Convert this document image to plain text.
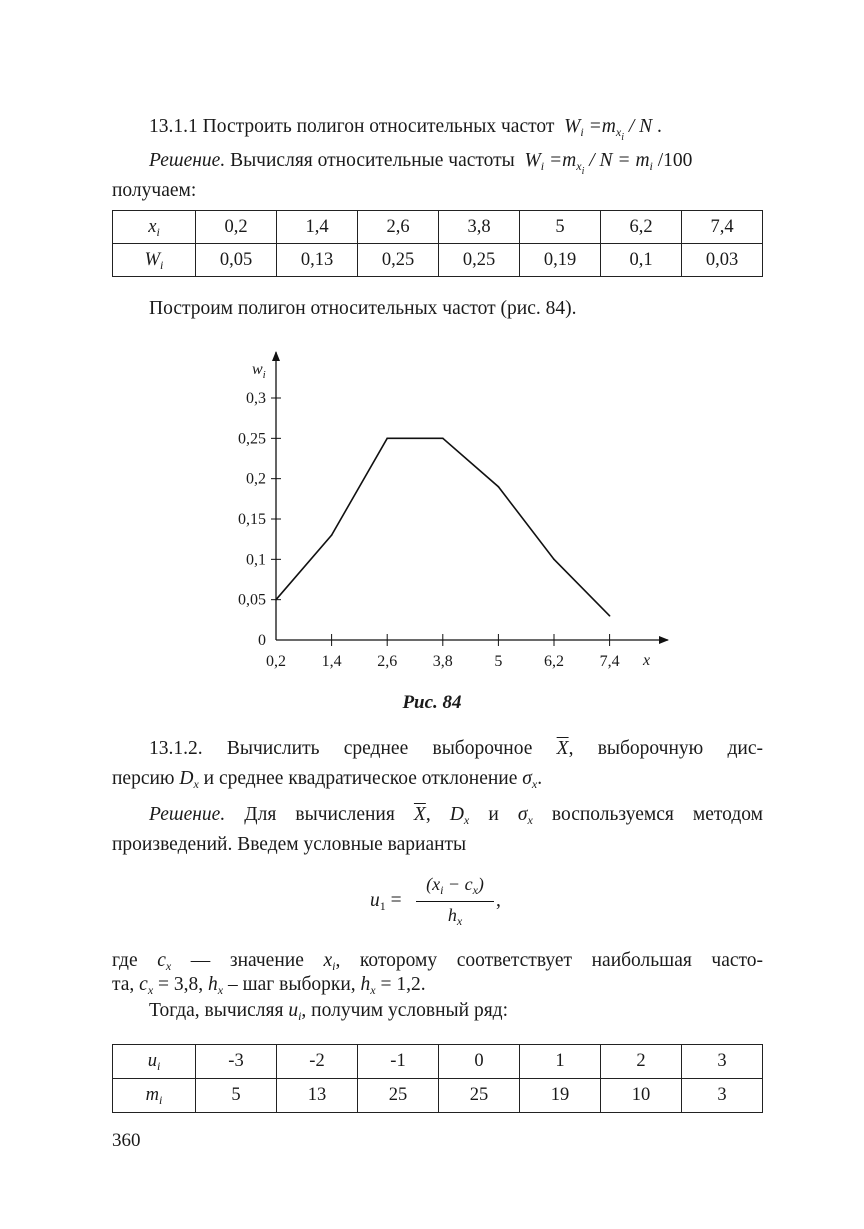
13.1.1 Построить полигон относительных частот $W_i =m_{x_i} / N$ .
Решение. Вычисляя относительные частоты $W_i =m_{x_i} / N = m_i$ /100
получаем:
$x_i$	0,2	1,4	2,6	3,8	5	6,2	7,4
$W_i$	0,05	0,13	0,25	0,25	0,19	0,1	0,03
Построим полигон относительных частот (рис. 84).
$w_i$
x
0,2 1,4 2,6 3,8	5	6,2 7,4
0
0,05
0,1
0,15
0,2
0,25
0,3
Рис. 84
13.1.2. Вычислить среднее выборочное $\overline{X}$, выборочную дис-
персию $D_x$ и среднее квадратическое отклонение $\sigma_x$.
Решение. Для вычисления $\overline{X}$, $D_x$ и $\sigma_x$ воспользуемся методом
произведений. Введем условные варианты
$u_1$ =
$(x_i - c_x)$
$h_x$
,
где $c_x$ — значение $x_i$, которому соответствует наибольшая часто-
та, $c_x = 3,8$, $h_x$ – шаг выборки, $h_x = 1,2$.
Тогда, вычисляя $u_i$, получим условный ряд:
$u_i$	-3	-2	-1	0	1	2	3
$m_i$	5	13	25	25	19	10	3
360
